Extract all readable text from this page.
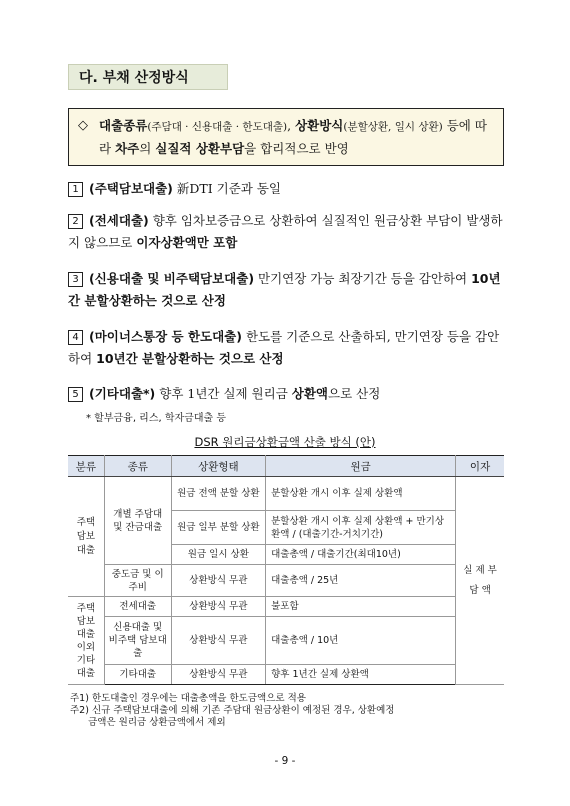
다. 부채 산정방식
◇ 대출종류(주담대 · 신용대출 · 한도대출), 상환방식(분할상환, 일시 상환) 등에 따라 차주의 실질적 상환부담을 합리적으로 반영
1 (주택담보대출) 新DTI 기준과 동일
2 (전세대출) 향후 임차보증금으로 상환하여 실질적인 원금상환 부담이 발생하지 않으므로 이자상환액만 포함
3 (신용대출 및 비주택담보대출) 만기연장 가능 최장기간 등을 감안하여 10년간 분할상환하는 것으로 산정
4 (마이너스통장 등 한도대출) 한도를 기준으로 산출하되, 만기연장 등을 감안하여 10년간 분할상환하는 것으로 산정
5 (기타대출*) 향후 1년간 실제 원리금 상환액으로 산정
* 할부금융, 리스, 학자금대출 등
DSR 원리금상환금액 산출 방식 (안)
분류	종류	상환형태	원금	이자
주택 담보 대출	개별 주담대 및 잔금대출	원금 전액 분할 상환	분할상환 개시 이후 실제 상환액	실 제 부 담 액
		원금 일부 분할 상환	분할상환 개시 이후 실제 상환액 + 만기상환액 / (대출기간-거치기간)	
		원금 일시 상환	대출총액 / 대출기간(최대10년)	
	중도금 및 이주비	상환방식 무관	대출총액 / 25년	
주택 담보 대출 이외 기타 대출	전세대출	상환방식 무관	불포함	
	신용대출 및 비주택 담보대출	상환방식 무관	대출총액 / 10년	
	기타대출	상환방식 무관	향후 1년간 실제 상환액	
주1) 한도대출인 경우에는 대출총액을 한도금액으로 적용
주2) 신규 주택담보대출에 의해 기존 주담대 원금상환이 예정된 경우, 상환예정
금액은 원리금 상환금액에서 제외
- 9 -
